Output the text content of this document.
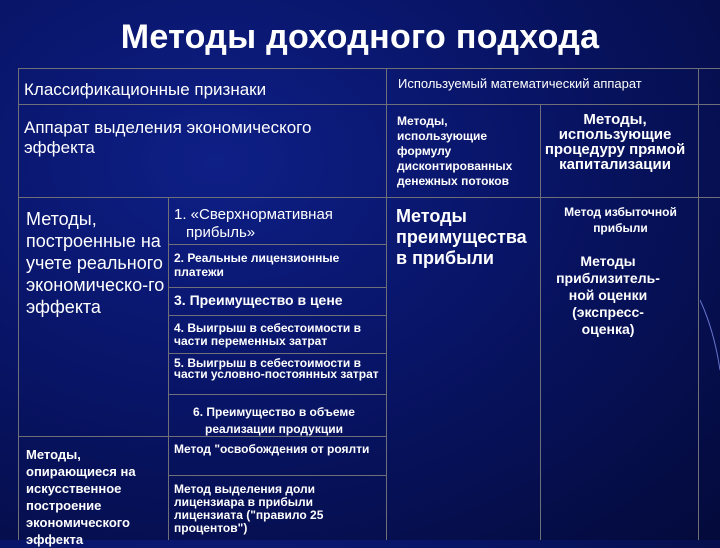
Методы доходного подхода
Классификационные признаки	Используемый математический аппарат
Аппарат выделения экономического эффекта
Методы, использующие формулу дисконтированных денежных потоков
Методы, использующие процедуру прямой капитализации
Методы, построенные на учете реального экономическо-го эффекта
1. «Сверхнормативная
прибыль»
2. Реальные лицензионные платежи
3. Преимущество в цене
4. Выигрыш в себестоимости в части переменных затрат
5. Выигрыш в себестоимости в части условно-постоянных затрат
6. Преимущество в объеме реализации продукции
Методы преимущества в прибыли
Метод избыточной прибыли
Методы приблизитель-ной оценки (экспресс-оценка)
Методы, опирающиеся на искусственное построение экономического эффекта
Метод "освобождения от роялти
Метод выделения доли лицензиара в прибыли лицензиата ("правило 25 процентов")
